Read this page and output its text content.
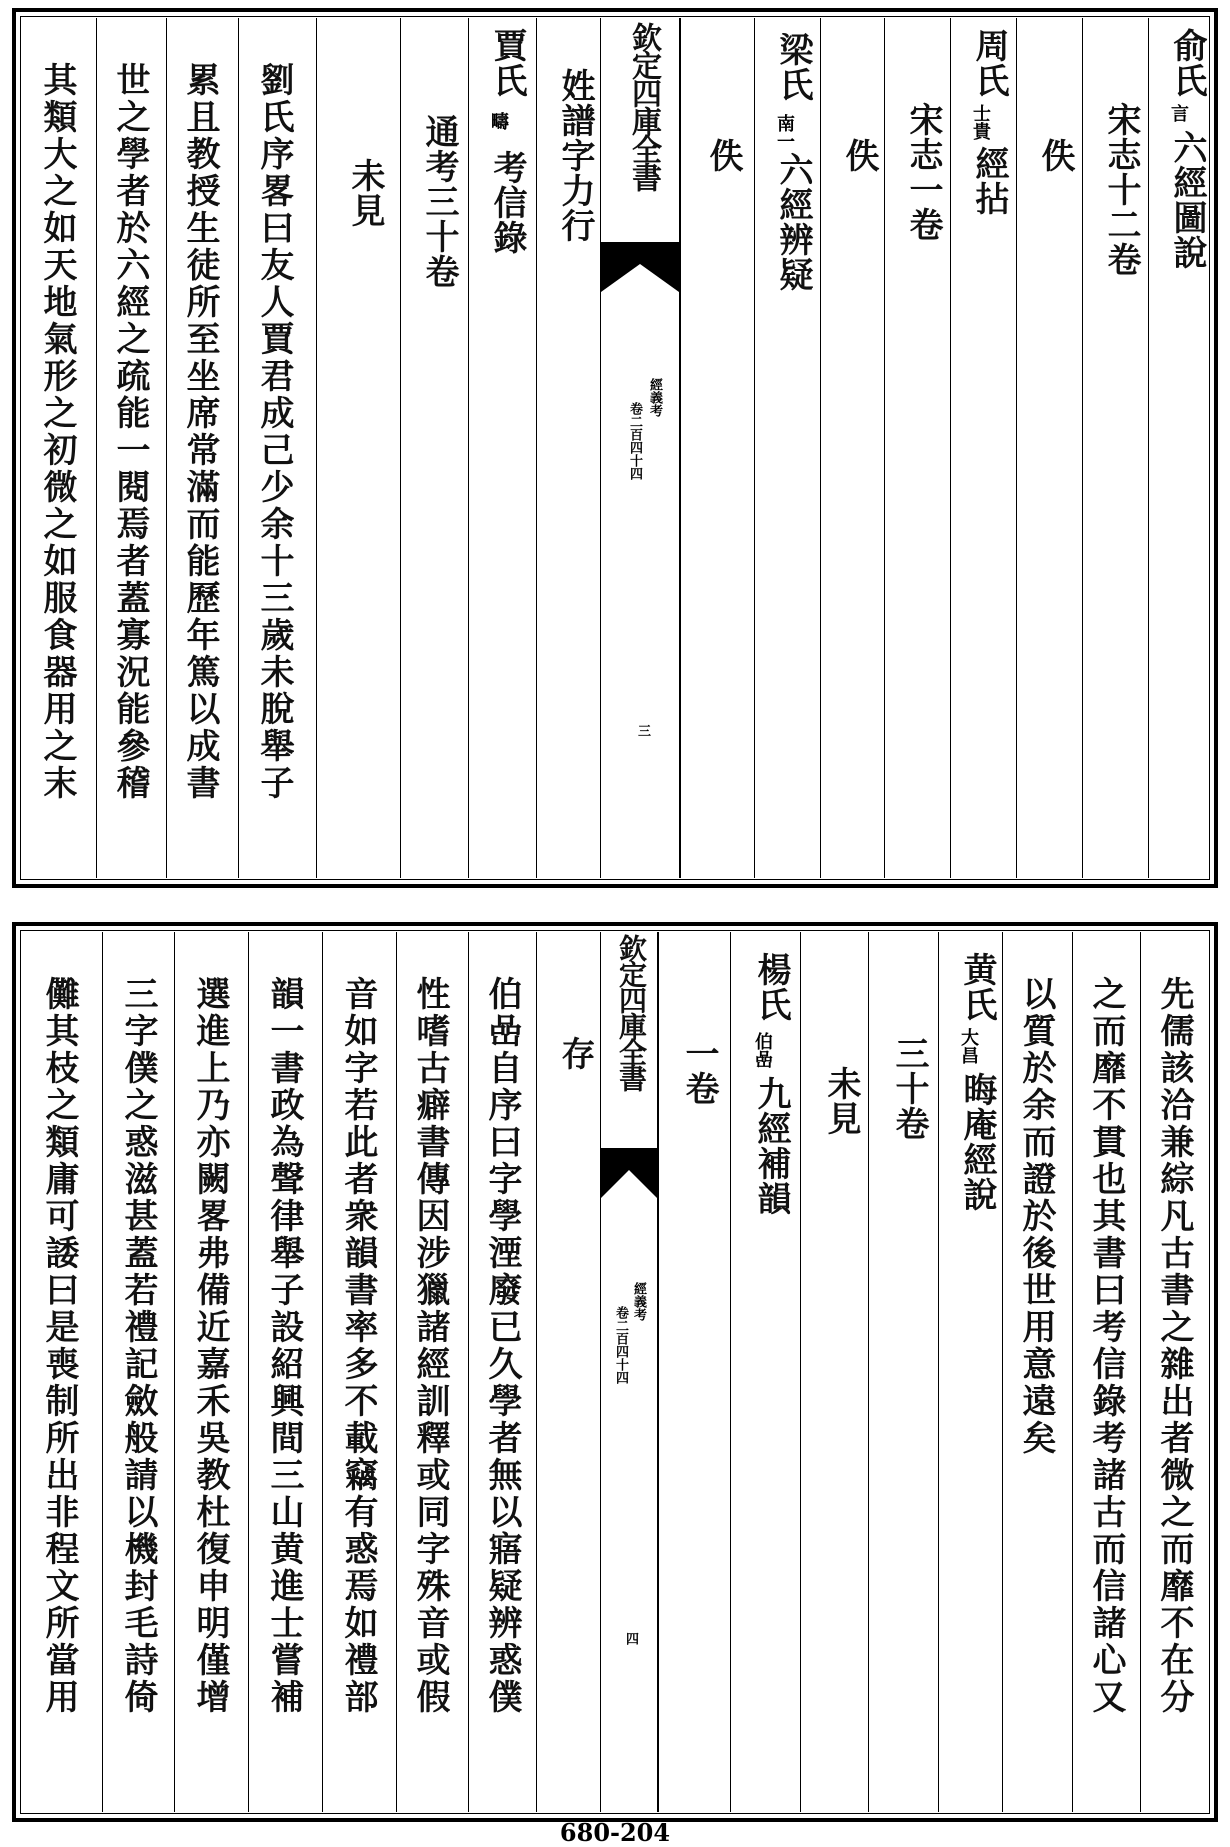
俞氏
言
六經圖說
宋志十二卷
佚
周氏
士貴
經拈
宋志一卷
佚
梁氏
南一
六經辨疑
佚
欽定四庫全書
經義考
卷二百四十四
三
姓譜字力行
賈氏
疇
考信錄
通考三十卷
未見
劉氏序畧曰友人賈君成己少余十三歲未脫舉子
累且教授生徒所至坐席常滿而能歷年篤以成書
世之學者於六經之疏能一閱焉者蓋寡況能參稽
其類大之如天地氣形之初微之如服食器用之末
先儒該洽兼綜凡古書之雜出者微之而靡不在分
之而靡不貫也其書曰考信錄考諸古而信諸心又
以質於余而證於後世用意遠矣
黄氏
大昌
晦庵經說
三十卷
未見
楊氏
伯嵒
九經補韻
一卷
欽定四庫全書
經義考
卷二百四十四
四
存
伯嵒自序曰字學湮廢已久學者無以寤疑辨惑僕
性嗜古癖書傳因涉獵諸經訓釋或同字殊音或假
音如字若此者衆韻書率多不載竊有惑焉如禮部
韻一書政為聲律舉子設紹興間三山黄進士嘗補
選進上乃亦闕畧弗備近嘉禾吳教杜復申明僅增
三字僕之惑滋甚蓋若禮記斂般請以機封毛詩倚
儺其枝之類庸可諉曰是喪制所出非程文所當用
680-204
